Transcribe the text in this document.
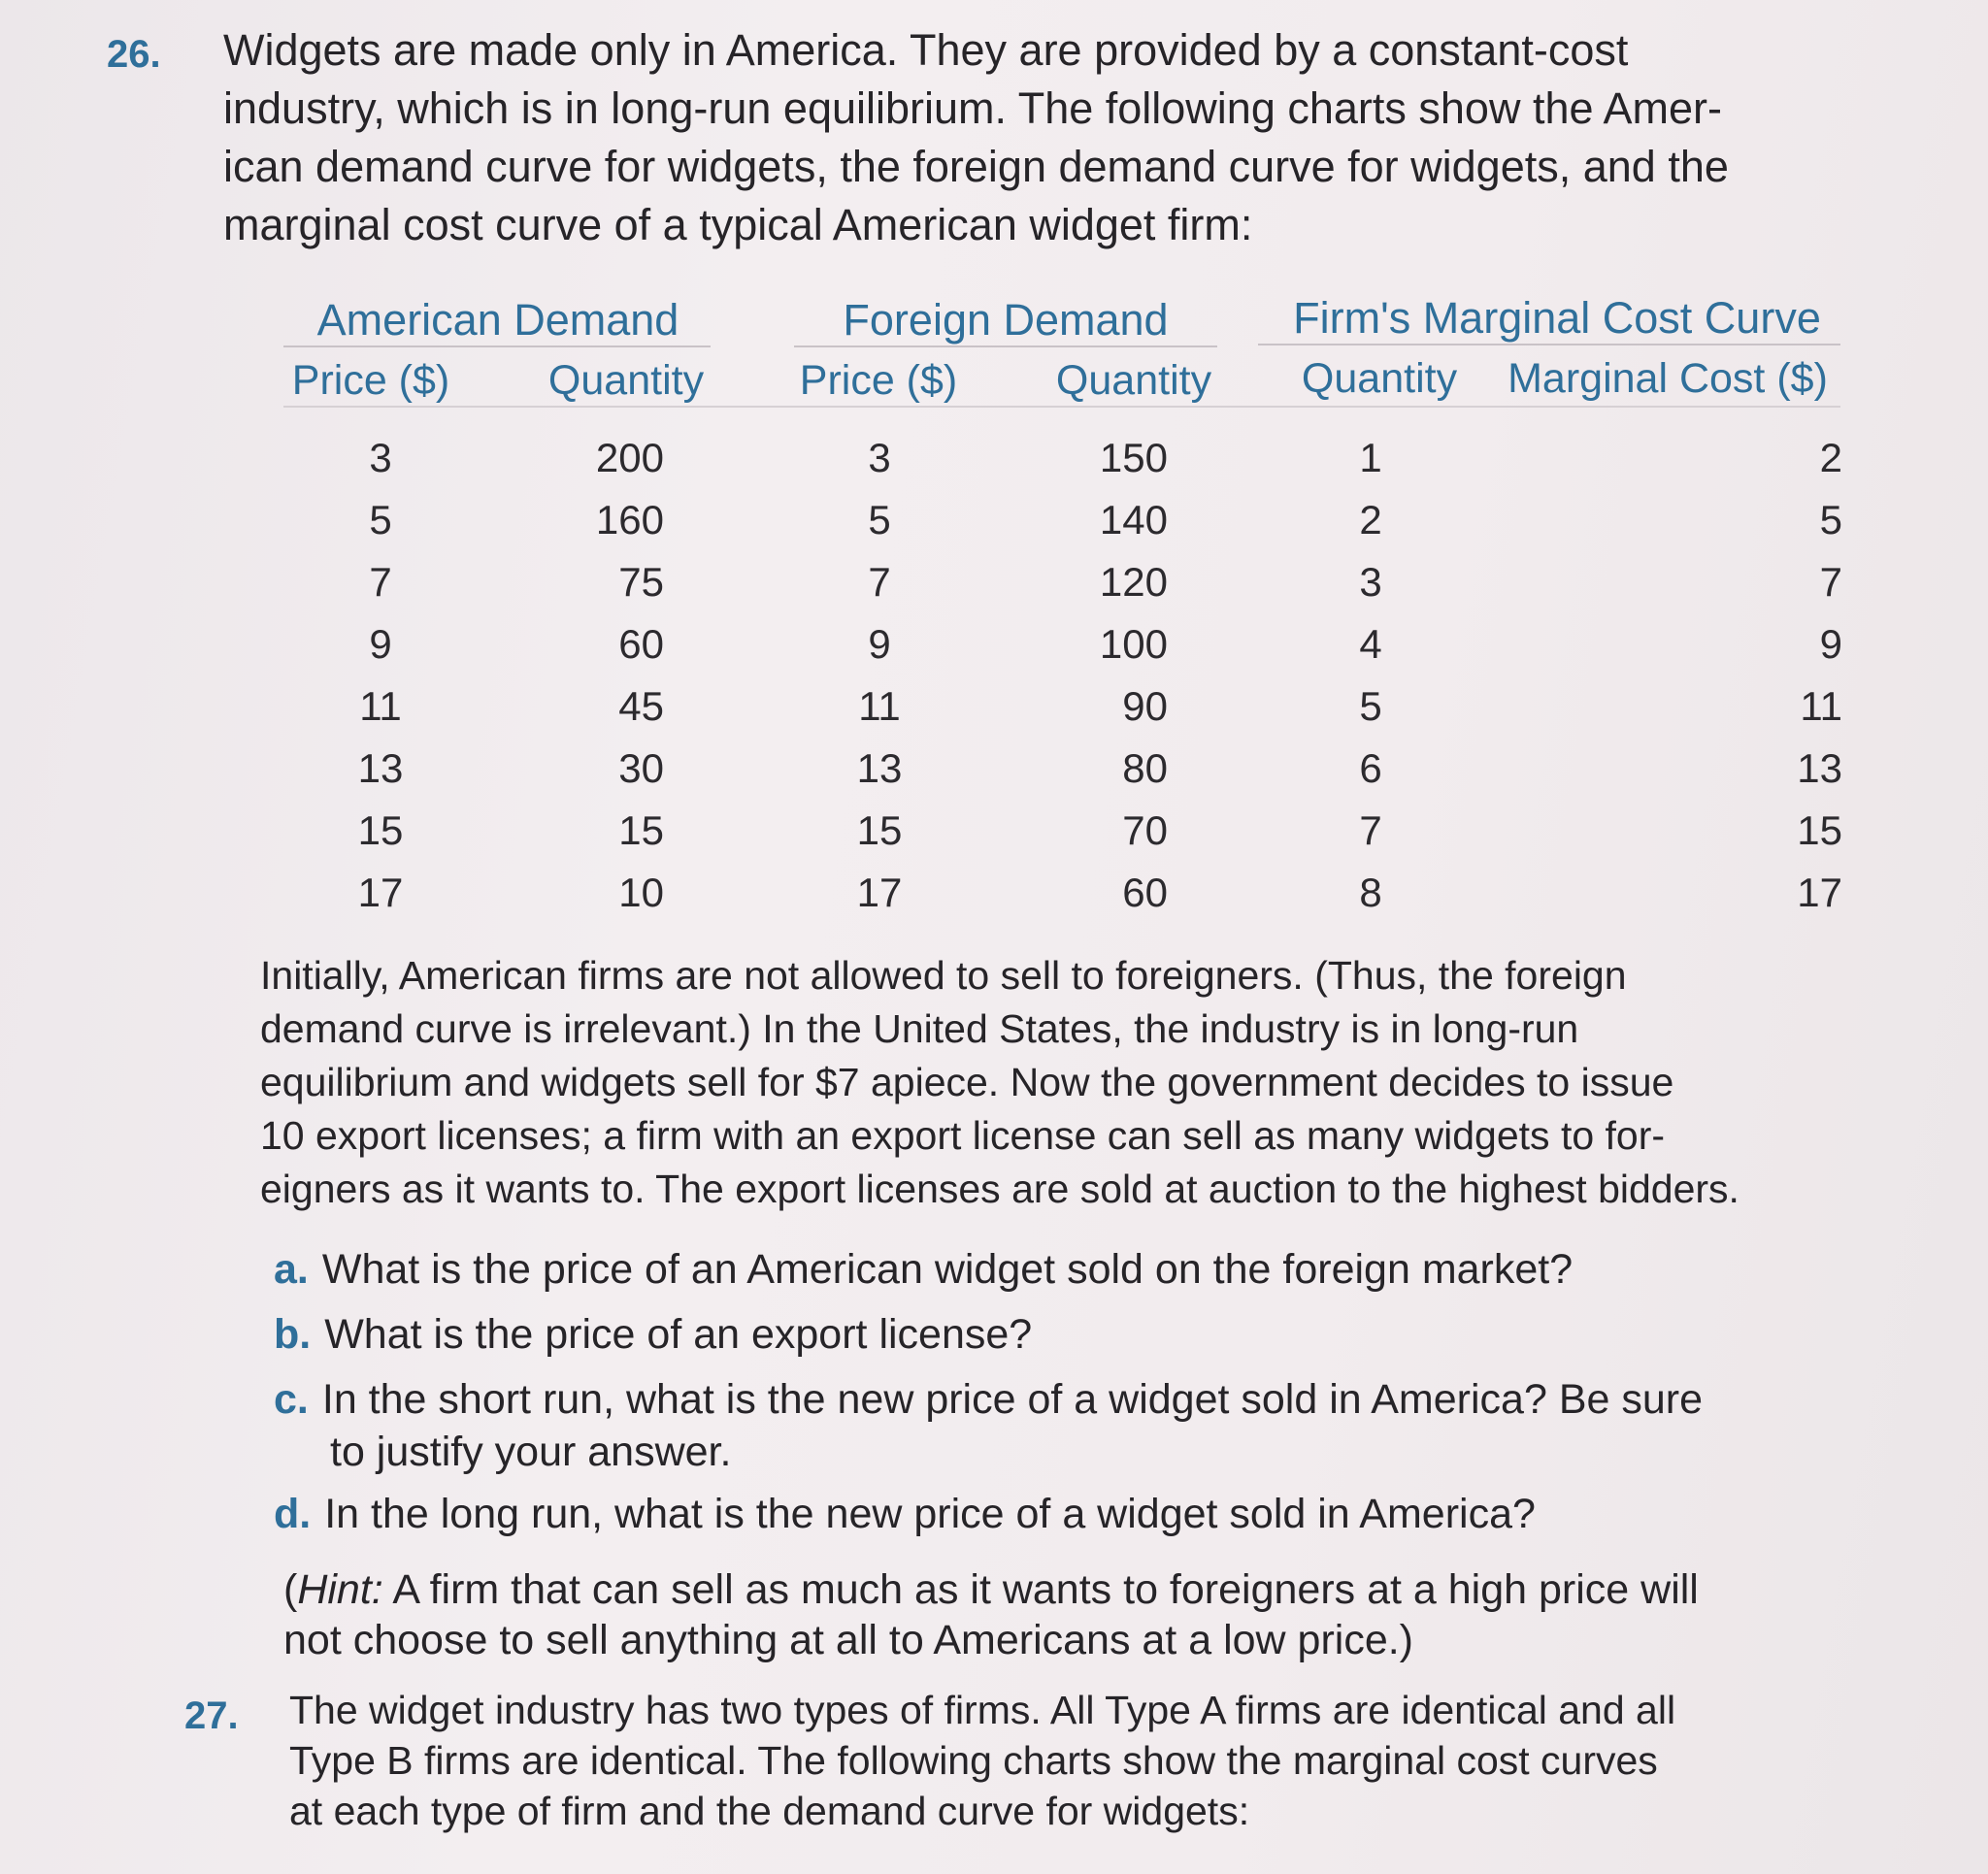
26. Widgets are made only in America. They are provided by a constant-cost
industry, which is in long-run equilibrium. The following charts show the Amer-
ican demand curve for widgets, the foreign demand curve for widgets, and the
marginal cost curve of a typical American widget firm:

American Demand	Foreign Demand	Firm's Marginal Cost Curve
Price ($) Quantity Price ($) Quantity Quantity Marginal Cost ($)
3
5
7
9
11
13
15
17
200
160
75
60
45
30
15
10
3
5
7
9
11
13
15
17
150
140
120
100
90
80
70
60
1
2
3
4
5
6
7
8
2
5
7
9
11
13
15
17

Initially, American firms are not allowed to sell to foreigners. (Thus, the foreign
demand curve is irrelevant.) In the United States, the industry is in long-run
equilibrium and widgets sell for $7 apiece. Now the government decides to issue
10 export licenses; a firm with an export license can sell as many widgets to for-
eigners as it wants to. The export licenses are sold at auction to the highest bidders.

a. What is the price of an American widget sold on the foreign market?
b. What is the price of an export license?
c. In the short run, what is the new price of a widget sold in America? Be sure
to justify your answer.
d. In the long run, what is the new price of a widget sold in America?
(Hint: A firm that can sell as much as it wants to foreigners at a high price will
not choose to sell anything at all to Americans at a low price.)
27. The widget industry has two types of firms. All Type A firms are identical and all
Type B firms are identical. The following charts show the marginal cost curves
at each type of firm and the demand curve for widgets:
